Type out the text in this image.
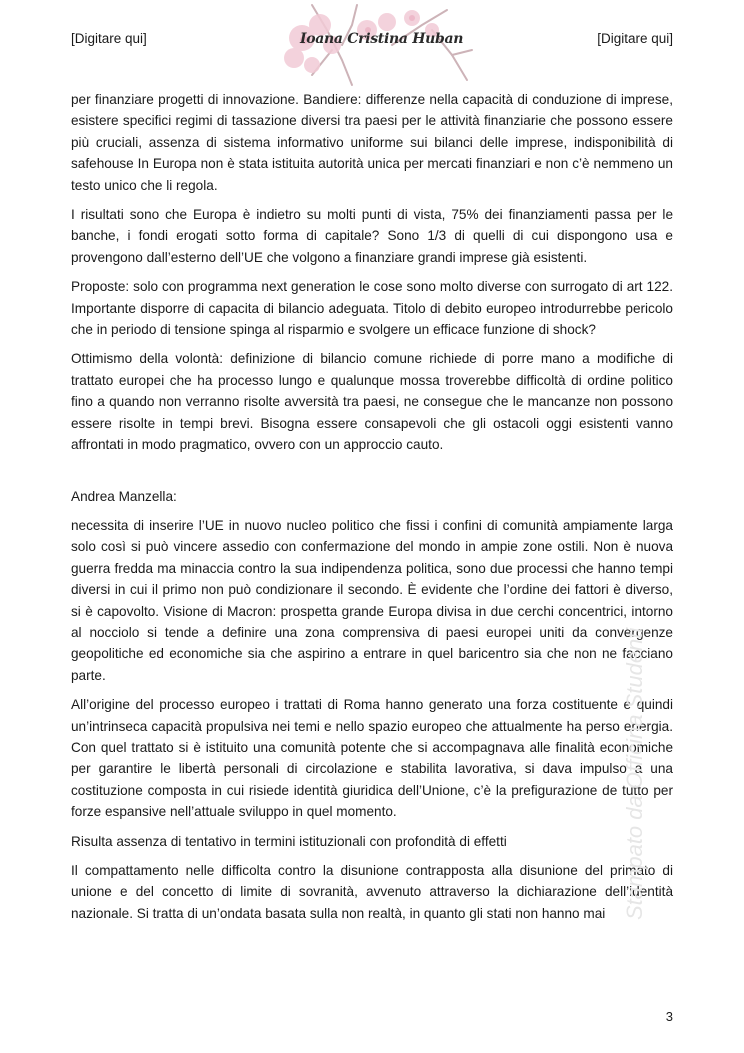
[Digitare qui]	Ioana Cristina Huban	[Digitare qui]

per finanziare progetti di innovazione. Bandiere: differenze nella capacità di conduzione di imprese, esistere specifici regimi di tassazione diversi tra paesi per le attività finanziarie che possono essere più cruciali, assenza di sistema informativo uniforme sui bilanci delle imprese, indisponibilità di safehouse In Europa non è stata istituita autorità unica per mercati finanziari e non c’è nemmeno un testo unico che li regola.

I risultati sono che Europa è indietro su molti punti di vista, 75% dei finanziamenti passa per le banche, i fondi erogati sotto forma di capitale? Sono 1/3 di quelli di cui dispongono usa e provengono dall’esterno dell’UE che volgono a finanziare grandi imprese già esistenti.

Proposte: solo con programma next generation le cose sono molto diverse con surrogato di art 122. Importante disporre di capacita di bilancio adeguata. Titolo di debito europeo introdurrebbe pericolo che in periodo di tensione spinga al risparmio e svolgere un efficace funzione di shock?

Ottimismo della volontà: definizione di bilancio comune richiede di porre mano a modifiche di trattato europei che ha processo lungo e qualunque mossa troverebbe difficoltà di ordine politico fino a quando non verranno risolte avversità tra paesi, ne consegue che le mancanze non possono essere risolte in tempi brevi. Bisogna essere consapevoli che gli ostacoli oggi esistenti vanno affrontati in modo pragmatico, ovvero con un approccio cauto.

Andrea Manzella:

necessita di inserire l’UE in nuovo nucleo politico che fissi i confini di comunità ampiamente larga solo così si può vincere assedio con confermazione del mondo in ampie zone ostili. Non è nuova guerra fredda ma minaccia contro la sua indipendenza politica, sono due processi che hanno tempi diversi in cui il primo non può condizionare il secondo. È evidente che l’ordine dei fattori è diverso, si è capovolto. Visione di Macron: prospetta grande Europa divisa in due cerchi concentrici, intorno al nocciolo si tende a definire una zona comprensiva di paesi europei uniti da convergenze geopolitiche ed economiche sia che aspirino a entrare in quel baricentro sia che non ne facciano parte.

All’origine del processo europeo i trattati di Roma hanno generato una forza costituente e quindi un’intrinseca capacità propulsiva nei temi e nello spazio europeo che attualmente ha perso energia. Con quel trattato si è istituito una comunità potente che si accompagnava alle finalità economiche per garantire le libertà personali di circolazione e stabilita lavorativa, si dava impulso a una costituzione composta in cui risiede identità giuridica dell’Unione, c’è la prefigurazione de tutto per forze espansive nell’attuale sviluppo in quel momento.

Risulta assenza di tentativo in termini istituzionali con profondità di effetti

Il compattamento nelle difficolta contro la disunione contrapposta alla disunione del primato di unione e del concetto di limite di sovranità, avvenuto attraverso la dichiarazione dell’identità nazionale. Si tratta di un’ondata basata sulla non realtà, in quanto gli stati non hanno mai Stampato da Officina Studenti
3
